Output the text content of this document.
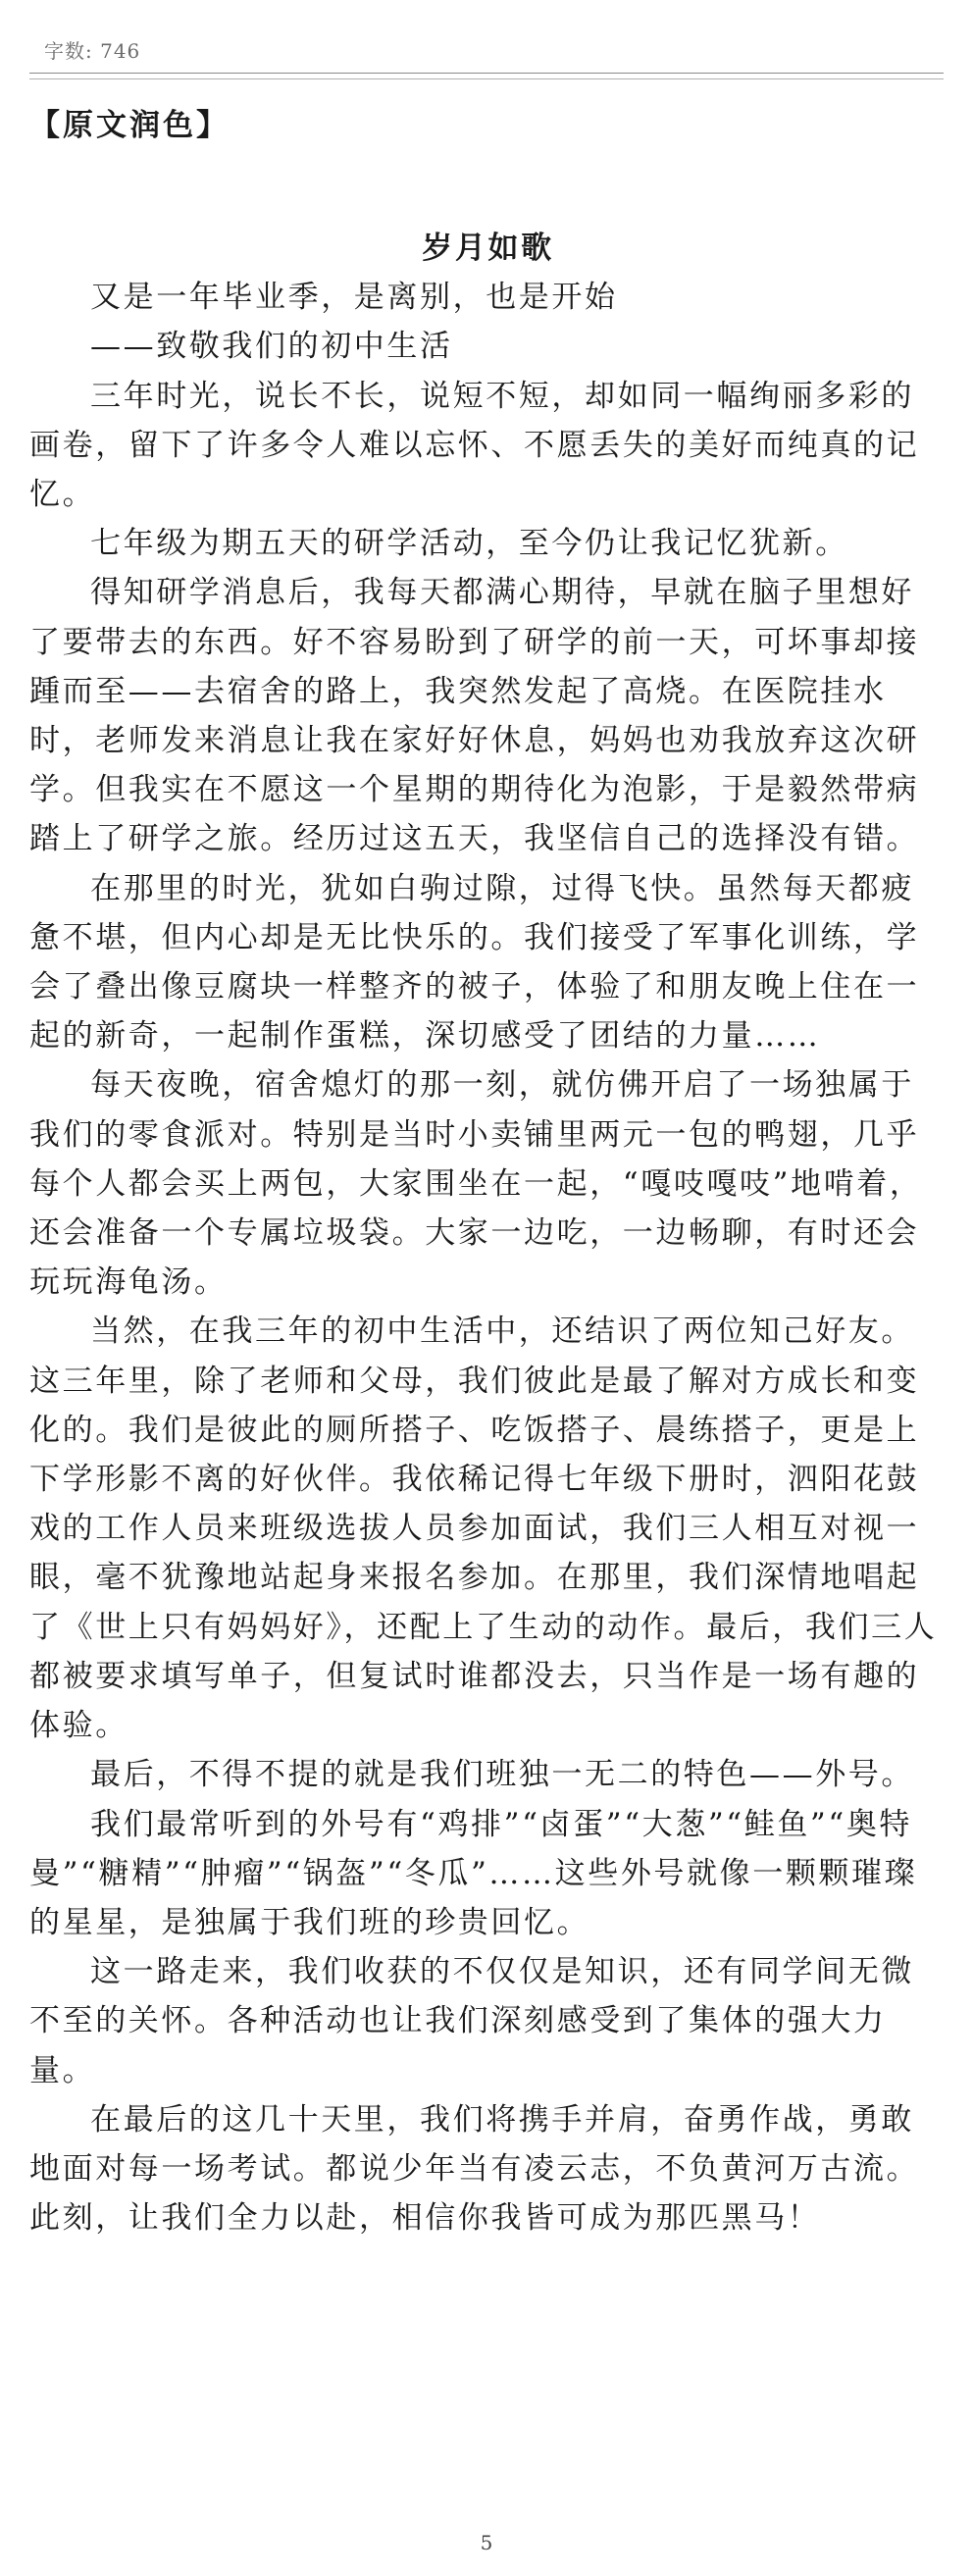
字数: 746
【原文润色】

岁月如歌

又是一年毕业季，是离别，也是开始

——致敬我们的初中生活

三年时光，说长不长，说短不短，却如同一幅绚丽多彩的画卷，留下了许多令人难以忘怀、不愿丢失的美好而纯真的记忆。

七年级为期五天的研学活动，至今仍让我记忆犹新。

得知研学消息后，我每天都满心期待，早就在脑子里想好了要带去的东西。好不容易盼到了研学的前一天，可坏事却接踵而至——去宿舍的路上，我突然发起了高烧。在医院挂水时，老师发来消息让我在家好好休息，妈妈也劝我放弃这次研学。但我实在不愿这一个星期的期待化为泡影，于是毅然带病踏上了研学之旅。经历过这五天，我坚信自己的选择没有错。

在那里的时光，犹如白驹过隙，过得飞快。虽然每天都疲惫不堪，但内心却是无比快乐的。我们接受了军事化训练，学会了叠出像豆腐块一样整齐的被子，体验了和朋友晚上住在一起的新奇，一起制作蛋糕，深切感受了团结的力量……

每天夜晚，宿舍熄灯的那一刻，就仿佛开启了一场独属于我们的零食派对。特别是当时小卖铺里两元一包的鸭翅，几乎每个人都会买上两包，大家围坐在一起，“嘎吱嘎吱”地啃着，还会准备一个专属垃圾袋。大家一边吃，一边畅聊，有时还会玩玩海龟汤。

当然，在我三年的初中生活中，还结识了两位知己好友。这三年里，除了老师和父母，我们彼此是最了解对方成长和变化的。我们是彼此的厕所搭子、吃饭搭子、晨练搭子，更是上下学形影不离的好伙伴。我依稀记得七年级下册时，泗阳花鼓戏的工作人员来班级选拔人员参加面试，我们三人相互对视一眼，毫不犹豫地站起身来报名参加。在那里，我们深情地唱起了《世上只有妈妈好》，还配上了生动的动作。最后，我们三人都被要求填写单子，但复试时谁都没去，只当作是一场有趣的体验。

最后，不得不提的就是我们班独一无二的特色——外号。

我们最常听到的外号有“鸡排”“卤蛋”“大葱”“鲑鱼”“奥特曼”“糖精”“肿瘤”“锅盔”“冬瓜”……这些外号就像一颗颗璀璨的星星，是独属于我们班的珍贵回忆。

这一路走来，我们收获的不仅仅是知识，还有同学间无微不至的关怀。各种活动也让我们深刻感受到了集体的强大力量。

在最后的这几十天里，我们将携手并肩，奋勇作战，勇敢地面对每一场考试。都说少年当有凌云志，不负黄河万古流。此刻，让我们全力以赴，相信你我皆可成为那匹黑马！

5
